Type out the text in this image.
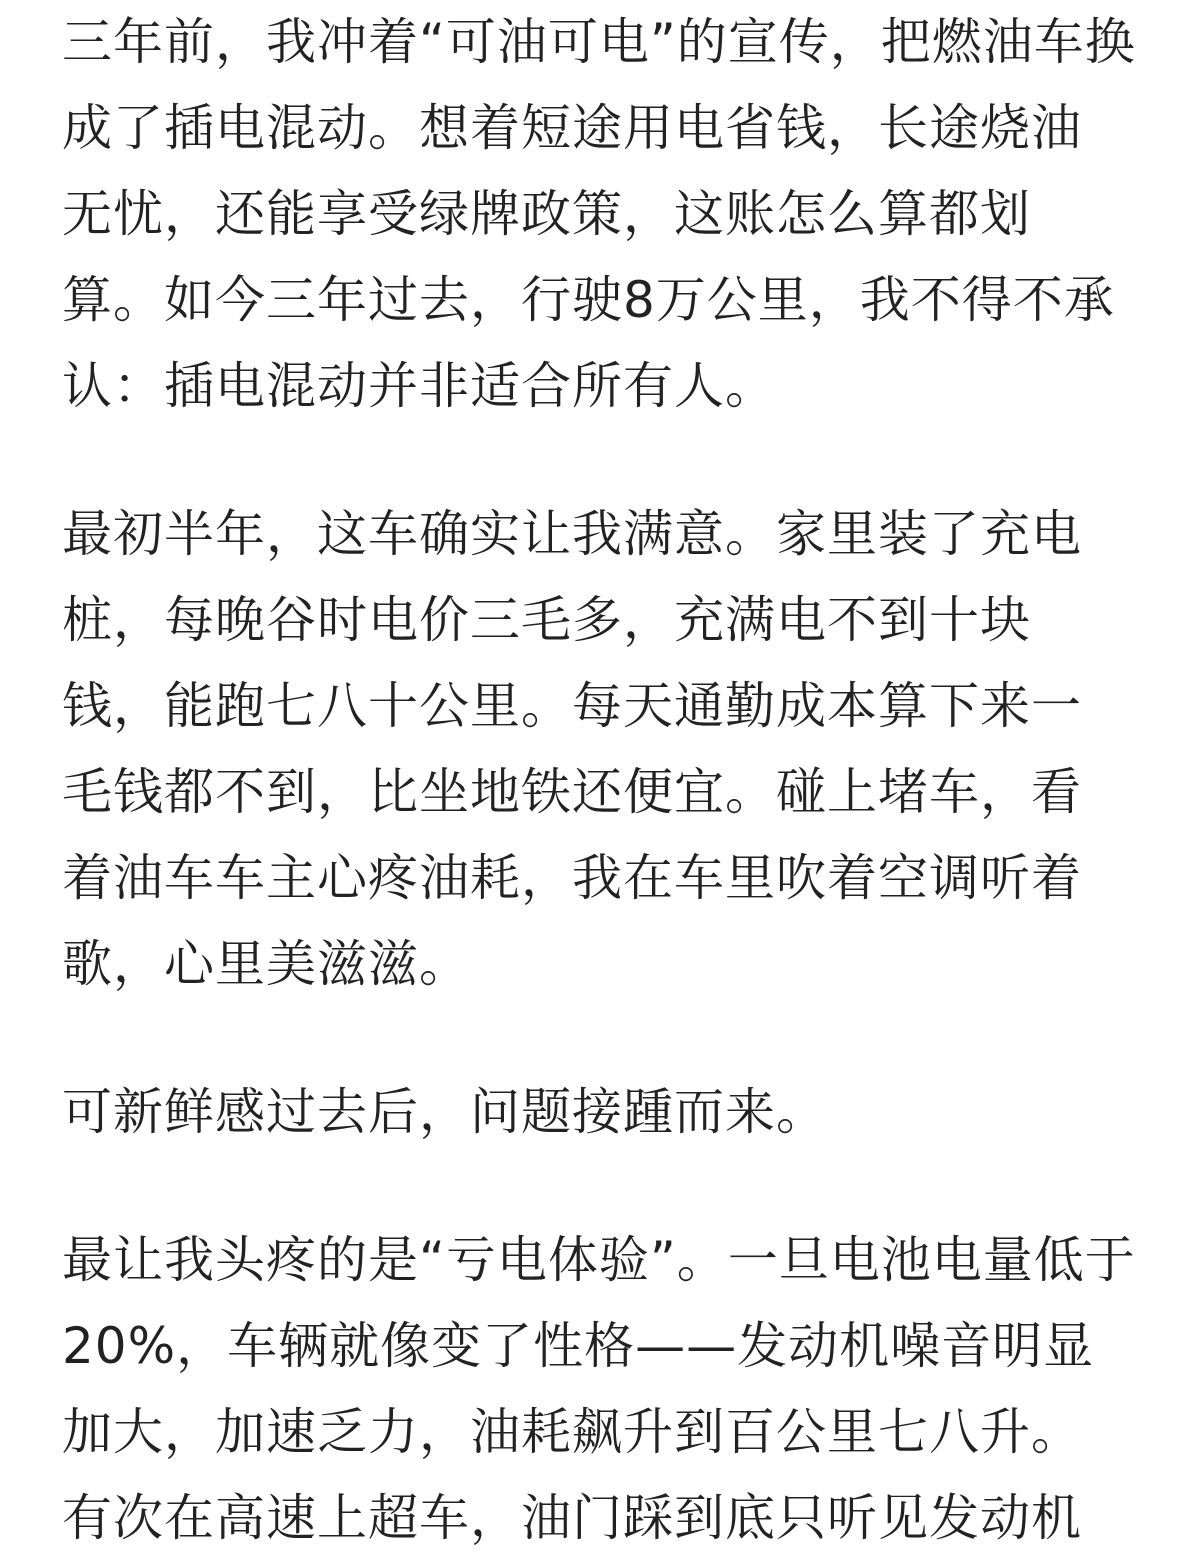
三年前，我冲着“可油可电”的宣传，把燃油车换
成了插电混动。想着短途用电省钱，长途烧油
无忧，还能享受绿牌政策，这账怎么算都划
算。如今三年过去，行驶8万公里，我不得不承
认：插电混动并非适合所有人。

最初半年，这车确实让我满意。家里装了充电
桩，每晚谷时电价三毛多，充满电不到十块
钱，能跑七八十公里。每天通勤成本算下来一
毛钱都不到，比坐地铁还便宜。碰上堵车，看
着油车车主心疼油耗，我在车里吹着空调听着
歌，心里美滋滋。

可新鲜感过去后，问题接踵而来。

最让我头疼的是“亏电体验”。一旦电池电量低于
20%，车辆就像变了性格——发动机噪音明显
加大，加速乏力，油耗飙升到百公里七八升。
有次在高速上超车，油门踩到底只听见发动机
